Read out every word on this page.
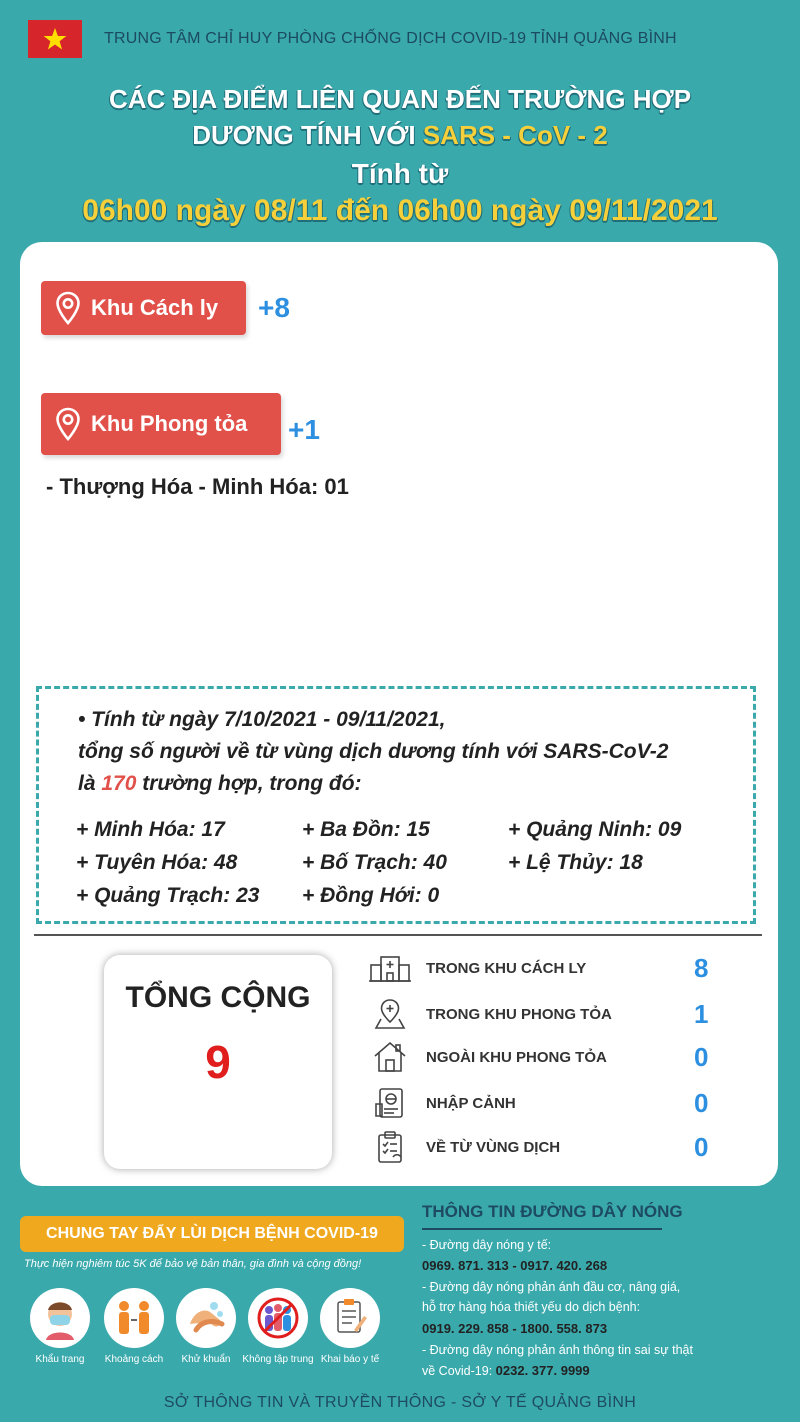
TRUNG TÂM CHỈ HUY PHÒNG CHỐNG DỊCH COVID-19 TỈNH QUẢNG BÌNH
CÁC ĐỊA ĐIỂM LIÊN QUAN ĐẾN TRƯỜNG HỢP
DƯƠNG TÍNH VỚI SARS - CoV - 2
Tính từ
06h00 ngày 08/11 đến 06h00 ngày 09/11/2021
Khu Cách ly +8
Khu Phong tỏa +1
- Thượng Hóa - Minh Hóa: 01
• Tính từ ngày 7/10/2021 - 09/11/2021,
tổng số người về từ vùng dịch dương tính với SARS-CoV-2
là 170 trường hợp, trong đó:
+ Minh Hóa: 17	+ Ba Đồn: 15	+ Quảng Ninh: 09
+ Tuyên Hóa: 48	+ Bố Trạch: 40	+ Lệ Thủy: 18
+ Quảng Trạch: 23 + Đồng Hới: 0
TỔNG CỘNG
9
TRONG KHU CÁCH LY	8
TRONG KHU PHONG TỎA	1
NGOÀI KHU PHONG TỎA	0
NHẬP CẢNH	0
VỀ TỪ VÙNG DỊCH	0
CHUNG TAY ĐẨY LÙI DỊCH BỆNH COVID-19
Thực hiện nghiêm túc 5K để bảo vệ bản thân, gia đình và cộng đồng!
Khẩu trang	Khoảng cách	Khử khuẩn	Không tập trung Khai báo y tế
THÔNG TIN ĐƯỜNG DÂY NÓNG
- Đường dây nóng y tế:
0969. 871. 313 - 0917. 420. 268
- Đường dây nóng phản ánh đầu cơ, nâng giá,
hỗ trợ hàng hóa thiết yếu do dịch bệnh:
0919. 229. 858 - 1800. 558. 873
- Đường dây nóng phản ánh thông tin sai sự thật
về Covid-19: 0232. 377. 9999
SỞ THÔNG TIN VÀ TRUYỀN THÔNG - SỞ Y TẾ QUẢNG BÌNH
